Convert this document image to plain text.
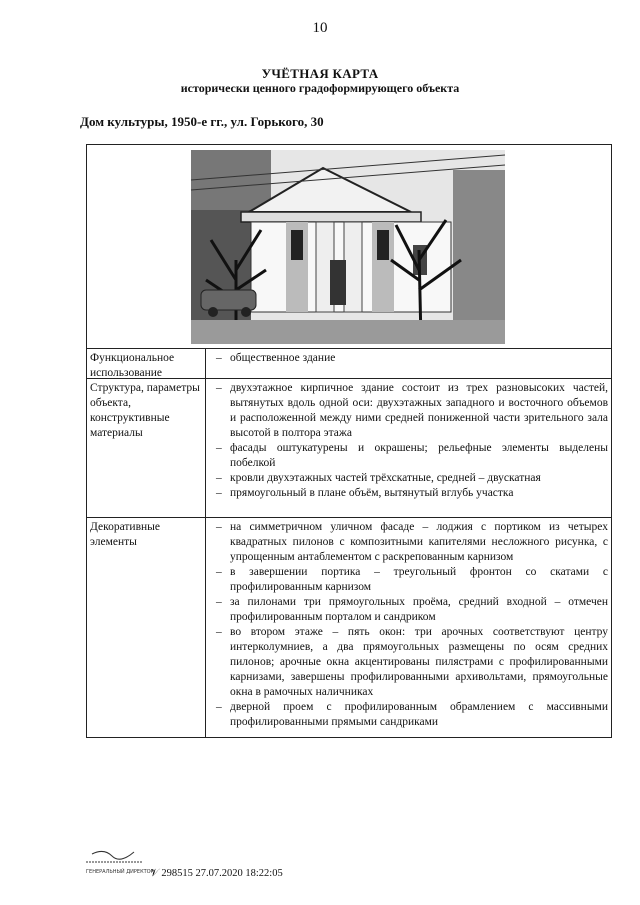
10
УЧЁТНАЯ КАРТА
исторически ценного градоформирующего объекта
Дом культуры, 1950-е гг., ул. Горького, 30
Функциональное использование
– общественное здание
Структура, параметры объекта, конструктивные материалы
– двухэтажное кирпичное здание состоит из трех разновысоких частей, вытянутых вдоль одной оси: двухэтажных западного и восточного объемов и расположенной между ними средней пониженной части зрительного зала высотой в полтора этажа
– фасады оштукатурены и окрашены; рельефные элементы выделены побелкой
– кровли двухэтажных частей трёхскатные, средней – двускатная
– прямоугольный в плане объём, вытянутый вглубь участка
Декоративные элементы
– на симметричном уличном фасаде – лоджия с портиком из четырех квадратных пилонов с композитными капителями несложного рисунка, с упрощенным антаблементом с раскрепованным карнизом
– в завершении портика – треугольный фронтон со скатами с профилированным карнизом
– за пилонами три прямоугольных проёма, средний входной – отмечен профилированным порталом и сандриком
– во втором этаже – пять окон: три арочных соответствуют центру интерколумниев, а два прямоугольных размещены по осям средних пилонов; арочные окна акцентированы пилястрами с профилированными карнизами, завершены профилированными архивольтами, прямоугольные окна в рамочных наличниках
– дверной проем с профилированным обрамлением с массивными профилированными прямыми сандриками
ГЕНЕРАЛЬНЫЙ ДИРЕКТОР
𝒱 298515 27.07.2020 18:22:05
